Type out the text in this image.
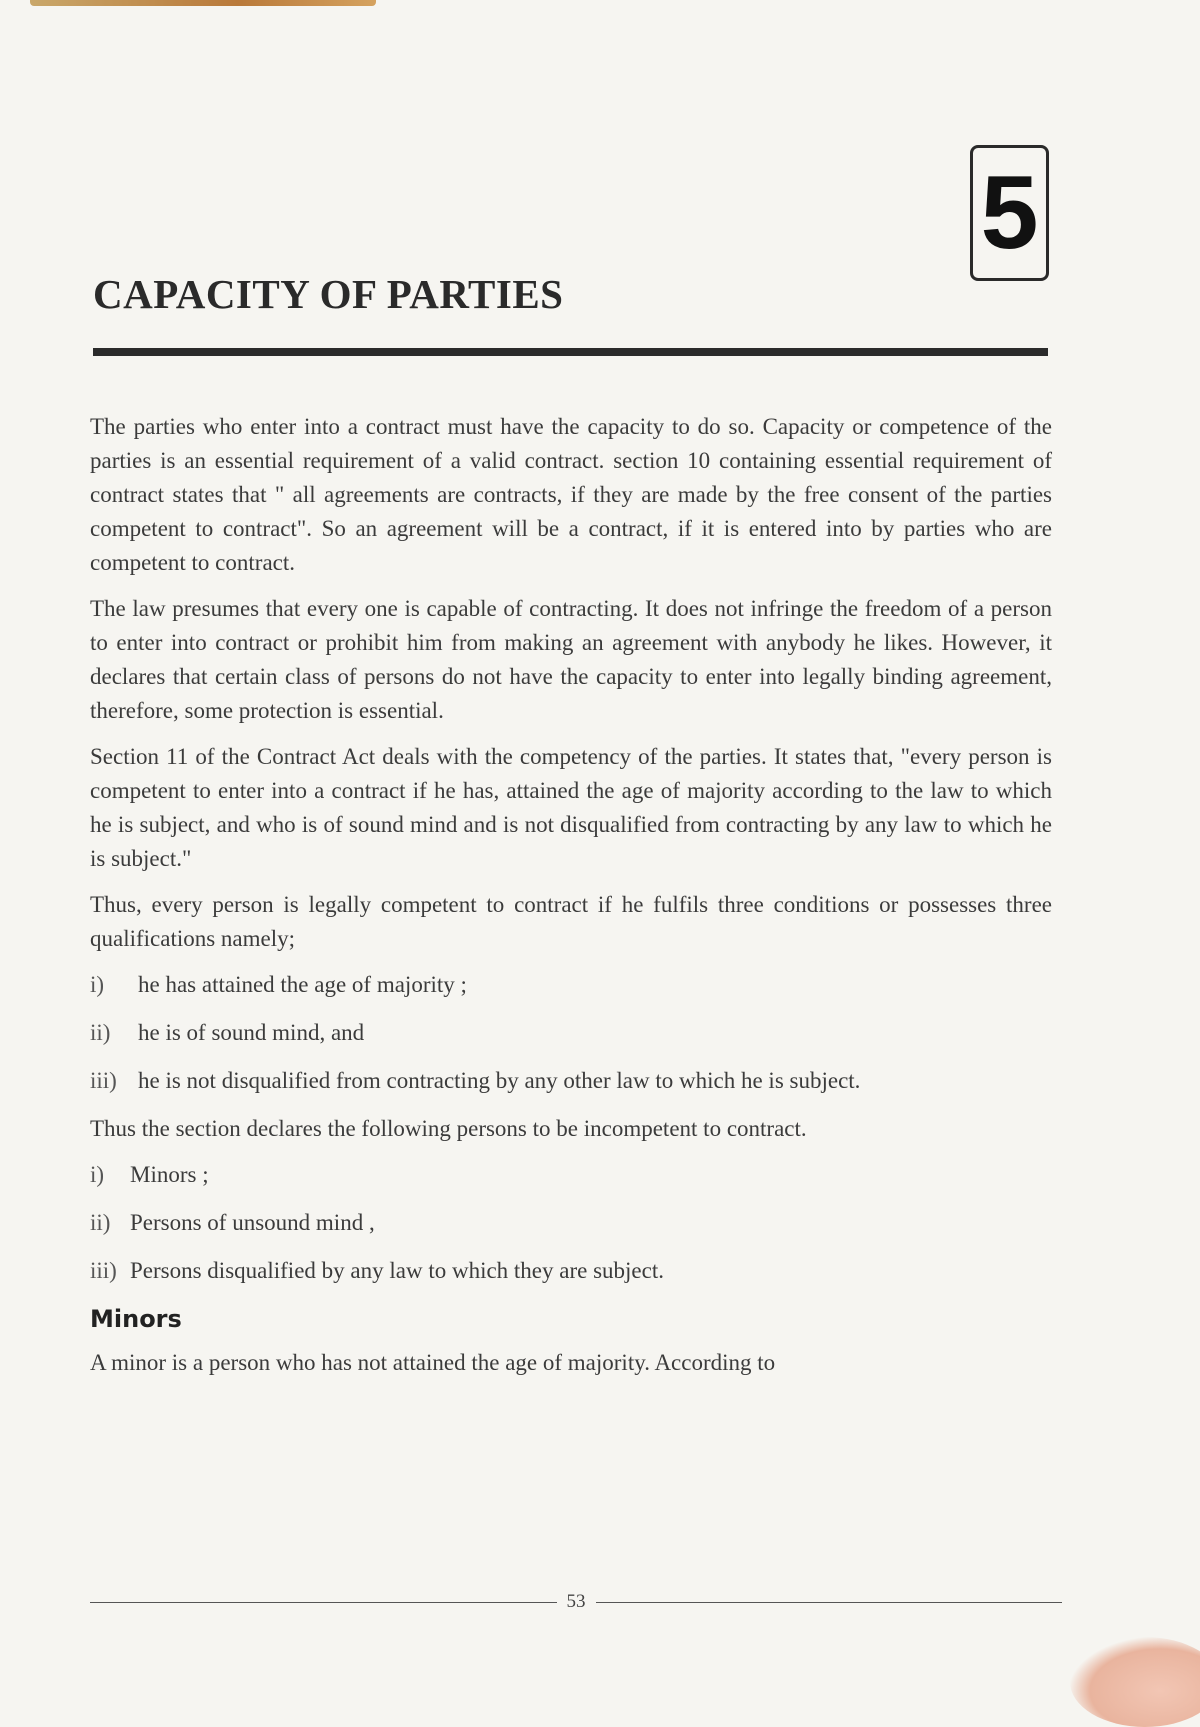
5
CAPACITY OF PARTIES

The parties who enter into a contract must have the capacity to do so. Capacity or competence of the parties is an essential requirement of a valid contract. section 10 containing essential requirement of contract states that " all agreements are contracts, if they are made by the free consent of the parties competent to contract". So an agreement will be a contract, if it is entered into by parties who are competent to contract.

The law presumes that every one is capable of contracting. It does not infringe the freedom of a person to enter into contract or prohibit him from making an agreement with anybody he likes. However, it declares that certain class of persons do not have the capacity to enter into legally binding agreement, therefore, some protection is essential.

Section 11 of the Contract Act deals with the competency of the parties. It states that, "every person is competent to enter into a contract if he has, attained the age of majority according to the law to which he is subject, and who is of sound mind and is not disqualified from contracting by any law to which he is subject."

Thus, every person is legally competent to contract if he fulfils three conditions or possesses three qualifications namely;

i)	he has attained the age of majority ;
ii)	he is of sound mind, and
iii) he is not disqualified from contracting by any other law to which he is subject.

Thus the section declares the following persons to be incompetent to contract.

i)	Minors ;
ii) Persons of unsound mind ,
iii) Persons disqualified by any law to which they are subject.
Minors

A minor is a person who has not attained the age of majority. According to

53
